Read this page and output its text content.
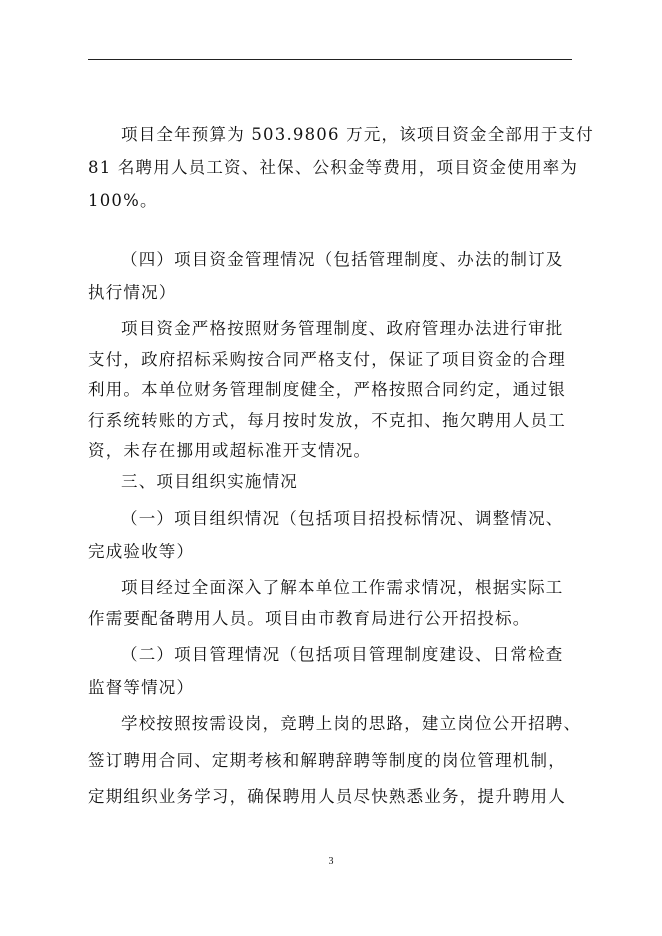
项目全年预算为 503.9806 万元，该项目资金全部用于支付
81 名聘用人员工资、社保、公积金等费用，项目资金使用率为
100%。
（四）项目资金管理情况（包括管理制度、办法的制订及
执行情况）
项目资金严格按照财务管理制度、政府管理办法进行审批
支付，政府招标采购按合同严格支付，保证了项目资金的合理
利用。本单位财务管理制度健全，严格按照合同约定，通过银
行系统转账的方式，每月按时发放，不克扣、拖欠聘用人员工
资，未存在挪用或超标准开支情况。
三、项目组织实施情况
（一）项目组织情况（包括项目招投标情况、调整情况、
完成验收等）
项目经过全面深入了解本单位工作需求情况，根据实际工
作需要配备聘用人员。项目由市教育局进行公开招投标。
（二）项目管理情况（包括项目管理制度建设、日常检查
监督等情况）
学校按照按需设岗，竞聘上岗的思路，建立岗位公开招聘、
签订聘用合同、定期考核和解聘辞聘等制度的岗位管理机制，
定期组织业务学习，确保聘用人员尽快熟悉业务，提升聘用人
3
